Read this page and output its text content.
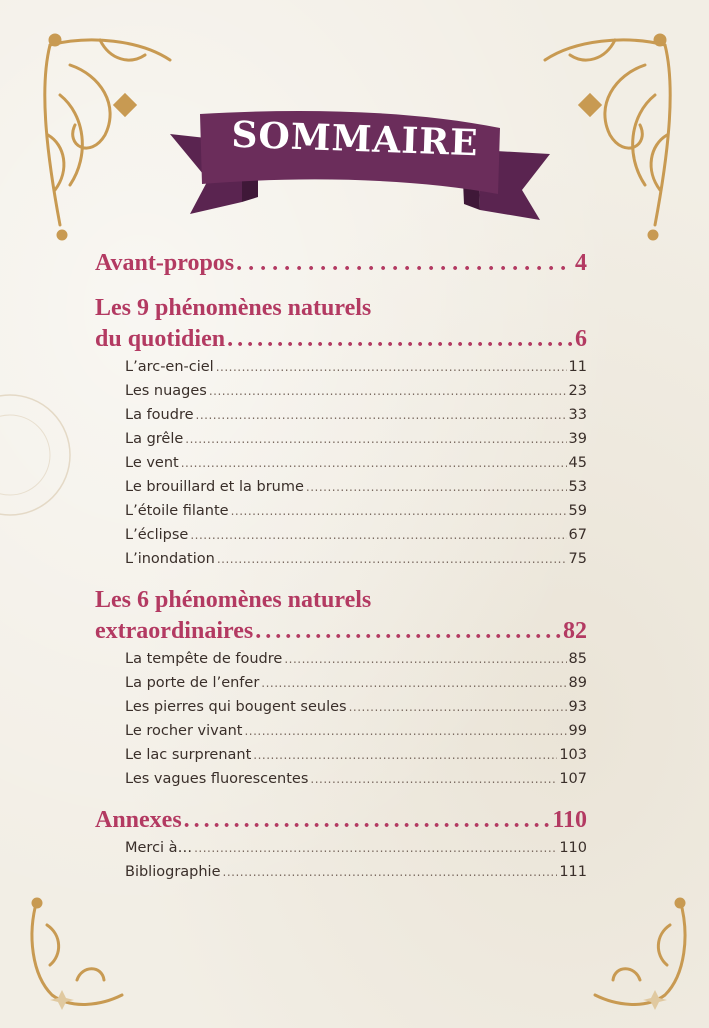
SOMMAIRE
Avant-propos . . .	4
Les 9 phénomènes naturels
du quotidien . . .	6
L’arc-en-ciel .....	11
Les nuages .....	23
La foudre .....	33
La grêle .....	39
Le vent .....	45
Le brouillard et la brume .....	53
L’étoile filante .....	59
L’éclipse .....	67
L’inondation .....	75
Les 6 phénomènes naturels
extraordinaires . . .	82
La tempête de foudre .....	85
La porte de l’enfer .....	89
Les pierres qui bougent seules .....	93
Le rocher vivant .....	99
Le lac surprenant .....	103
Les vagues fluorescentes .....	107
Annexes . . .	110
Merci à… .....	110
Bibliographie .....	111
